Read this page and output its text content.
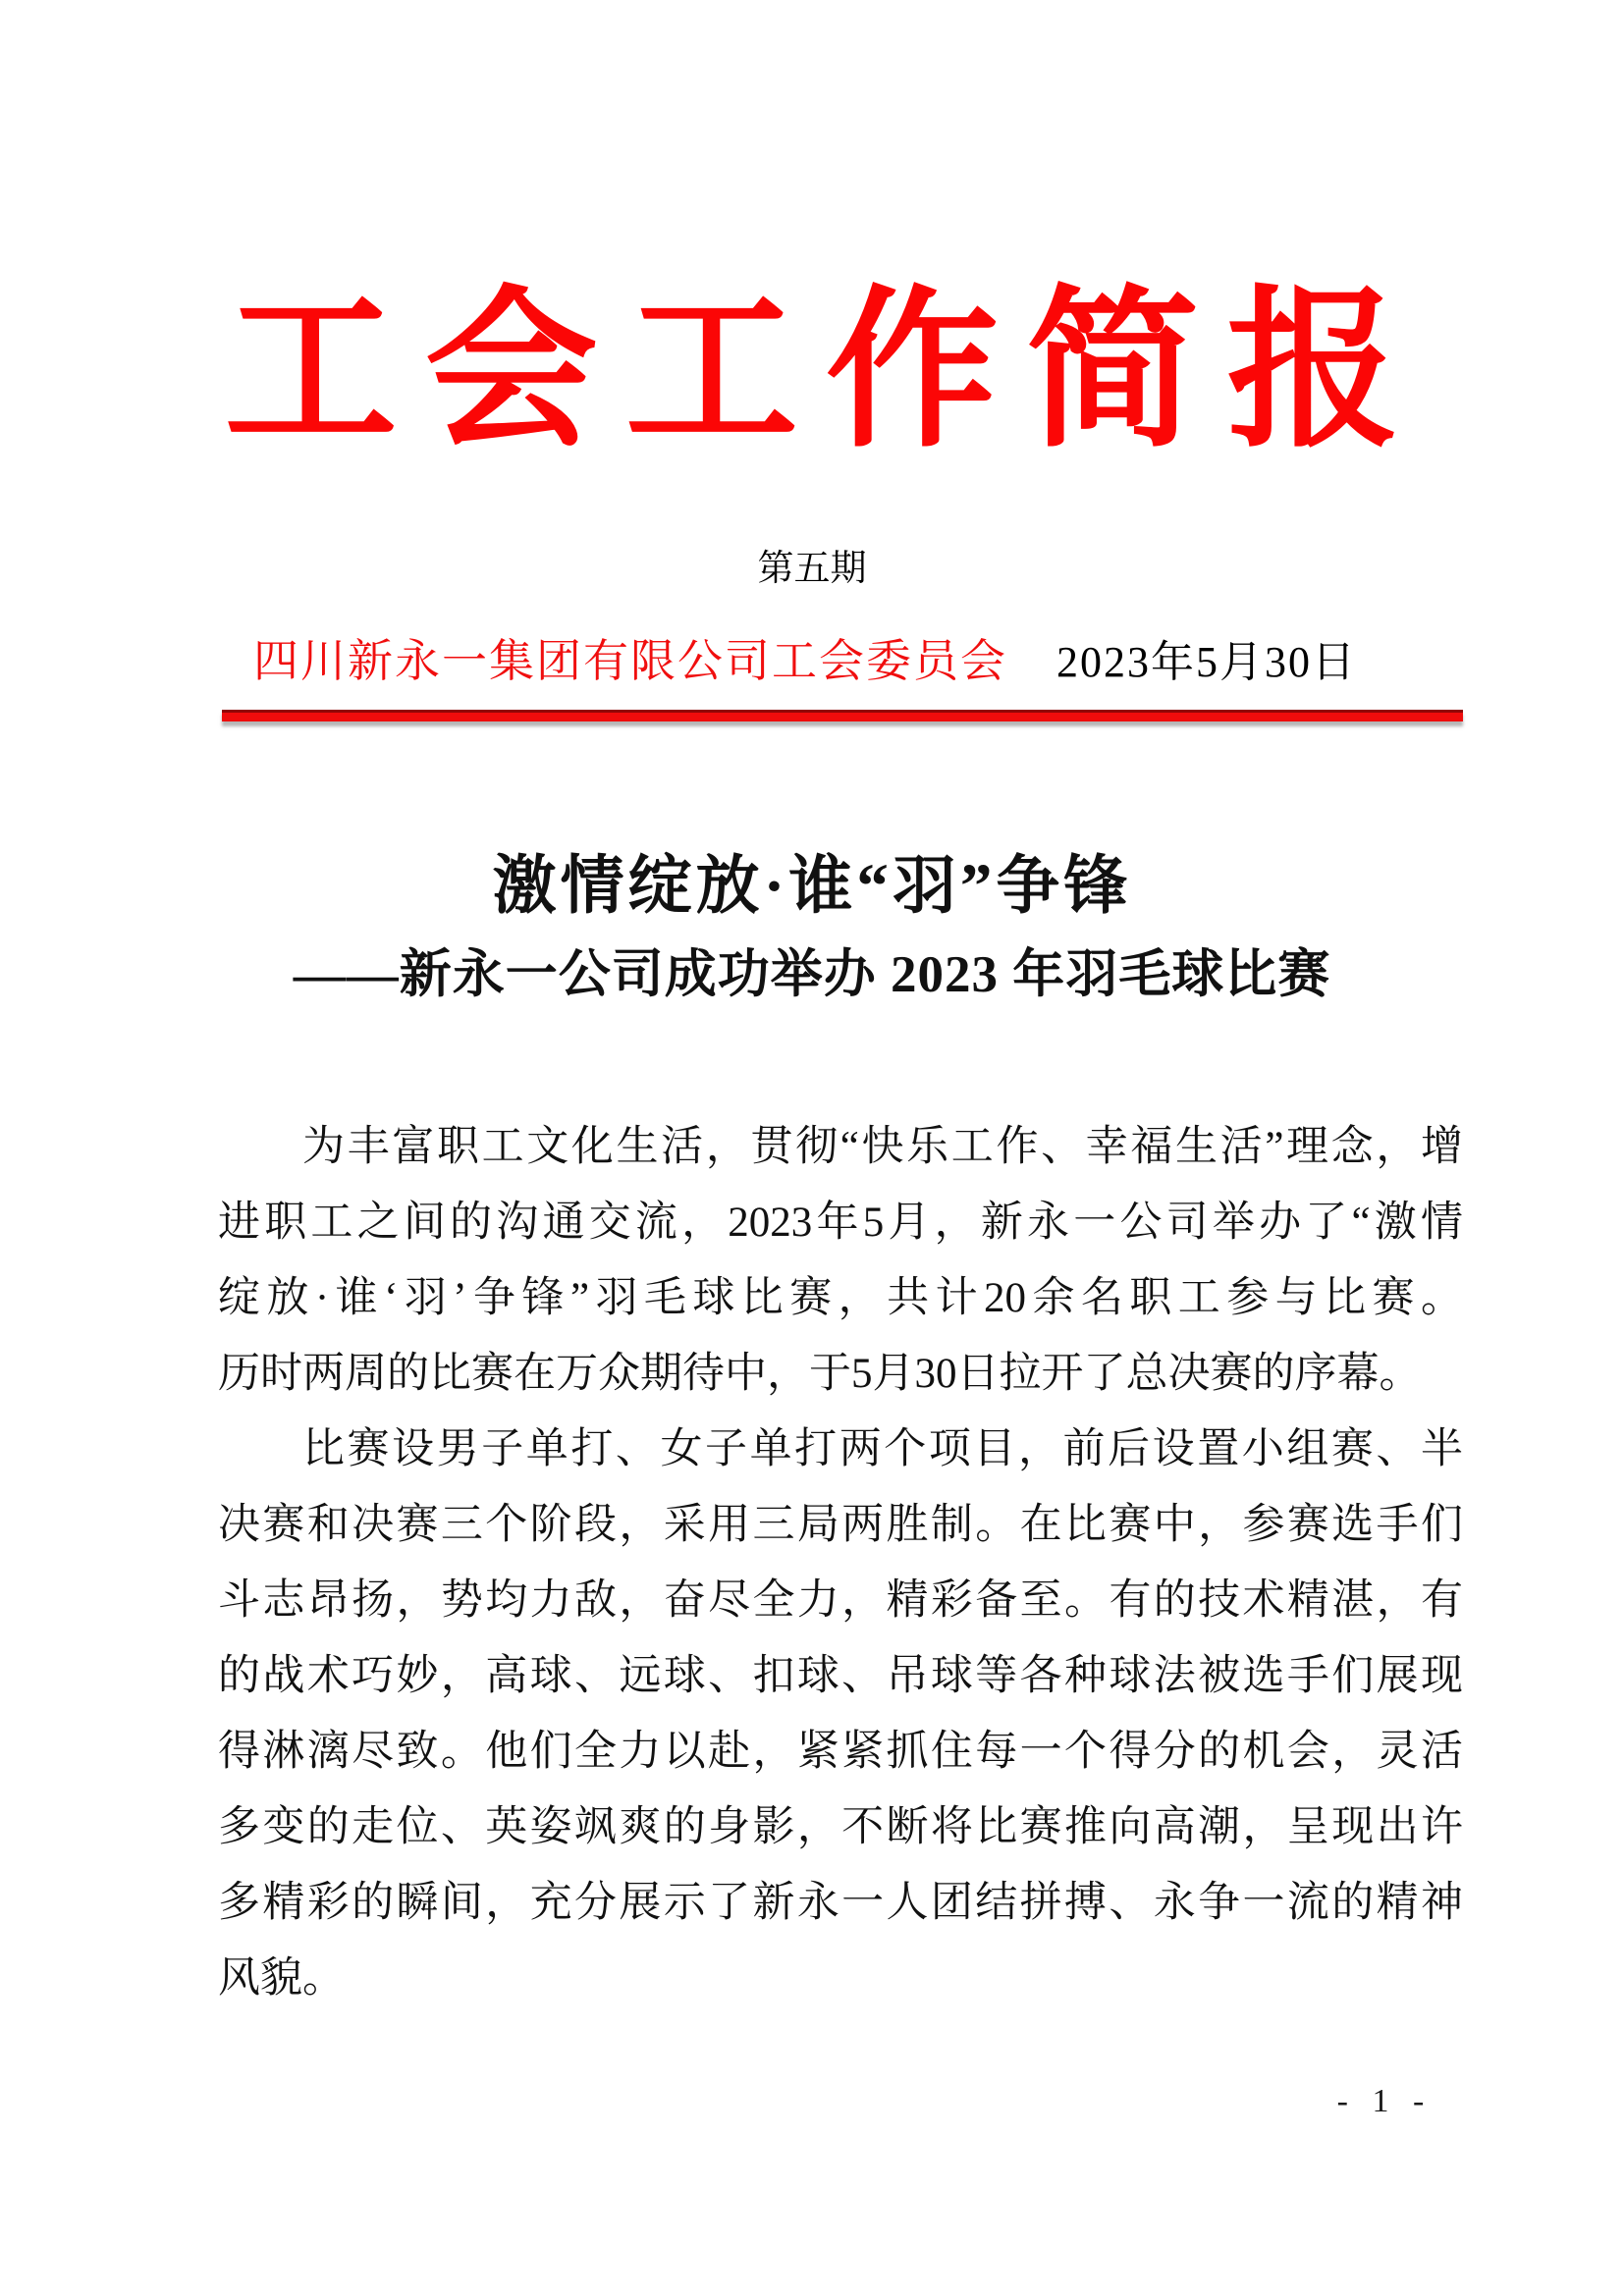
工会工作简报
第五期
四川新永一集团有限公司工会委员会 2023年5月30日
激情绽放·谁“羽”争锋
——新永一公司成功举办 2023 年羽毛球比赛
为丰富职工文化生活，贯彻“快乐工作、幸福生活”理念，增
进职工之间的沟通交流，2023年5月，新永一公司举办了“激情
绽放·谁‘羽’争锋”羽毛球比赛，共计20余名职工参与比赛。
历时两周的比赛在万众期待中，于5月30日拉开了总决赛的序幕。
比赛设男子单打、女子单打两个项目，前后设置小组赛、半
决赛和决赛三个阶段，采用三局两胜制。在比赛中，参赛选手们
斗志昂扬，势均力敌，奋尽全力，精彩备至。有的技术精湛，有
的战术巧妙，高球、远球、扣球、吊球等各种球法被选手们展现
得淋漓尽致。他们全力以赴，紧紧抓住每一个得分的机会，灵活
多变的走位、英姿飒爽的身影，不断将比赛推向高潮，呈现出许
多精彩的瞬间，充分展示了新永一人团结拼搏、永争一流的精神
风貌。
- 1 -
